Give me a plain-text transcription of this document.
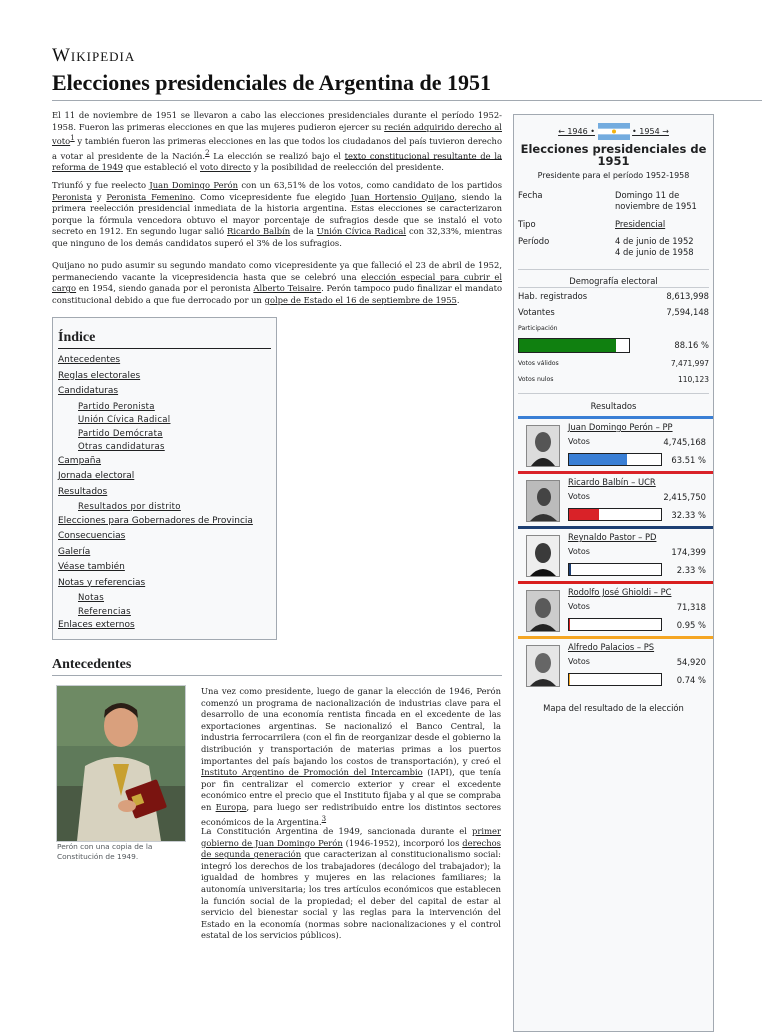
Wikipedia
Elecciones presidenciales de Argentina de 1951
El 11 de noviembre de 1951 se llevaron a cabo las elecciones presidenciales durante el período 1952-1958. Fueron las primeras elecciones en que las mujeres pudieron ejercer su recién adquirido derecho al voto$^1$ y también fueron las primeras elecciones en las que todos los ciudadanos del país tuvieron derecho a votar al presidente de la Nación.$^2$ La elección se realizó bajo el texto constitucional resultante de la reforma de 1949 que estableció el voto directo y la posibilidad de reelección del presidente.
Triunfó y fue reelecto Juan Domingo Perón con un 63,51% de los votos, como candidato de los partidos Peronista y Peronista Femenino. Como vicepresidente fue elegido Juan Hortensio Quijano, siendo la primera reelección presidencial inmediata de la historia argentina. Estas elecciones se caracterizaron porque la fórmula vencedora obtuvo el mayor porcentaje de sufragios desde que se instaló el voto secreto en 1912. En segundo lugar salió Ricardo Balbín de la Unión Cívica Radical con 32,33%, mientras que ninguno de los demás candidatos superó el 3% de los sufragios.
Quijano no pudo asumir su segundo mandato como vicepresidente ya que falleció el 23 de abril de 1952, permaneciendo vacante la vicepresidencia hasta que se celebró una elección especial para cubrir el cargo en 1954, siendo ganada por el peronista Alberto Teisaire. Perón tampoco pudo finalizar el mandato constitucional debido a que fue derrocado por un golpe de Estado el 16 de septiembre de 1955.
Índice
Antecedentes
Reglas electorales
Candidaturas
Partido Peronista
Unión Cívica Radical
Partido Demócrata
Otras candidaturas
Campaña
Jornada electoral
Resultados
Resultados por distrito
Elecciones para Gobernadores de Provincia
Consecuencias
Galería
Véase también
Notas y referencias
Notas
Referencias
Enlaces externos
Antecedentes
Perón con una copia de la Constitución de 1949.
Una vez como presidente, luego de ganar la elección de 1946, Perón comenzó un programa de nacionalización de industrias clave para el desarrollo de una economía rentista fincada en el excedente de las exportaciones argentinas. Se nacionalizó el Banco Central, la industria ferrocarrilera (con el fin de reorganizar desde el gobierno la distribución y transportación de materias primas a los puertos importantes del país bajando los costos de transportación), y creó el Instituto Argentino de Promoción del Intercambio (IAPI), que tenía por fin centralizar el comercio exterior y crear el excedente económico entre el precio que el Instituto fijaba y al que se compraba en Europa, para luego ser redistribuido entre los distintos sectores económicos de la Argentina.$^3$
La Constitución Argentina de 1949, sancionada durante el primer gobierno de Juan Domingo Perón (1946-1952), incorporó los derechos de segunda generación que caracterizan al constitucionalismo social: integró los derechos de los trabajadores (decálogo del trabajador); la igualdad de hombres y mujeres en las relaciones familiares; la autonomía universitaria; los tres artículos económicos que establecen la función social de la propiedad; el deber del capital de estar al servicio del bienestar social y las reglas para la intervención del Estado en la economía (normas sobre nacionalizaciones y el control estatal de los servicios públicos).
← 1946 •	• 1954 →
Elecciones presidenciales de 1951
Presidente para el período 1952-1958
Fecha	Domingo 11 de noviembre de 1951
Tipo	Presidencial

Período	4 de junio de 1952
4 de junio de 1958

Demografía electoral
Hab. registrados	8,613,998
Votantes	7,594,148
Participación
88.16 %
Votos válidos	7,471,997
Votos nulos	110,123
Resultados
Juan Domingo Perón – PP
Votos	4,745,168
63.51 %
Ricardo Balbín – UCR
Votos	2,415,750
32.33 %
Reynaldo Pastor – PD
Votos	174,399
2.33 %
Rodolfo José Ghioldi – PC
Votos	71,318
0.95 %
Alfredo Palacios – PS
Votos	54,920
0.74 %
Mapa del resultado de la elección
